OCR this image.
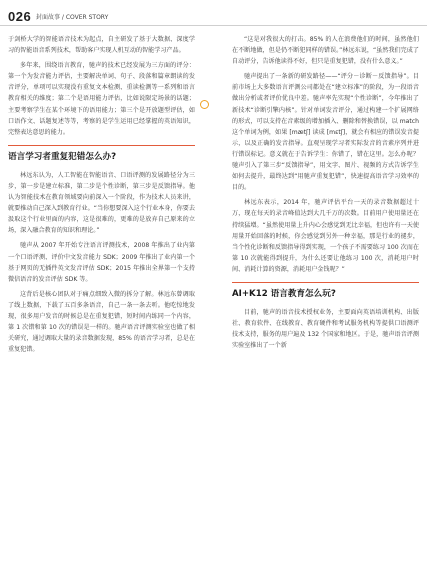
026 封面故事 / COVER STORY

于剑桥大学的智能语音技术为起点，自主研发了基于大数据、深度学习的智能语音系列技术，帮助客户实现人机互动的智能学习产品。

多年来，围绕语言教育，驰声的技术已经发展为三方面的评分：第一个为发音能力评估，主要解决单词、句子、段落和篇章朗读的发音评分，单项可以实现没有重复文本检测、重读检测等一系列和语言教育相关的维度；第二个是语用能力评估，比如说限定场景的话题；主要考察学生在某个环境下的语用能力；第三个是开放题型评估，如口语作文、话题复述等等，考察的是学生运用已经掌握的英语知识，完整表达意思的能力。

语言学习者重复犯错怎么办?

林远东认为，人工智能在智能语音、口语评测的发展路径分为三步，第一步是建立标准，第二步是个性诊断，第三步是反馈指导。他认为智能技术在教育领域要向前深入一个阶段，作为技术人员来讲，就要推动自己深入到教育行业。“当你想要深入这个行业本身，你要去汲取这个行业里面的内容，这是很难的，更难的是放弃自己原来的立场，深入融合教育的知识和理论。”

驰声从 2007 年开始专注语言评测技术，2008 年推出了业内第一个口语评测、评价中文发音能力 SDK；2009 年推出了业内第一个基于网页的无插件英文发音评估 SDK；2015 年推出全界第一个支持微信语音的发音评估 SDK 等。

这背后是核心团队对于痛点细致入微的拆分了解。林远东曾调取了线上数据，下载了五百多条语音，自己一条一条去听。他吃惊地发现，很多用户发音的时候总是在重复犯错，短时间内练同一个内容，第 1 次错和第 10 次的错误是一样的。驰声语音评测实验室也做了相关研究，通过调取大量的录音数据发现，85% 的语音学习者，总是在重复犯错。

“这是对我很大的打击。85% 的人在浪费他们的时间，虽然他们在不断地做，但是仍不断犯同样的错误。”林远东说，“虽然我们完成了自动评分，告诉他读得不好，但只是重复犯错，没有什么意义。”

驰声提出了一条新的研发路径——“评分－诊断－反馈指导”。目前市场上大多数语言评测公司都处在“建立标准”的阶段，为一段语音做出分析或者评价优良中差。驰声率先实现“个性诊断”，今年推出了新技术“诊断引擎内核”。针对单词发音评分，通过构建一个扩展网络的形式，可以支持在音素级的增加插入、删除和替换错误，以 match 这个单词为例，如果 [mætʃ] 读成 [mɛtʃ]，就会有相应的错误发音提示，以及正确的发音指导。直观呈现学习者实际发音的音素序列并进行错误标记。意义就在于告诉学生：你错了，错在这里。怎么办呢？驰声引入了第三步“反馈指导”，用文字、图片、视频的方式告诉学生如何去提升，最终达到“用驰声重复犯错”，快速提高语音学习效率的目的。

林远东表示，2014 年，驰声评估平台一天的录音数据超过十万，现在每天的录音峰值达到大几千万的次数。目前用户使用量还在持续猛增。“虽然使用量上升内心会感觉到无比幸福，但也许有一天使用量开始回落的时候，你会感觉到另外一种幸福，那是行业的褪步，当个性化诊断和反馈指导得到实现，一个孩子不需要练习 100 次而在第 10 次就能得到提升，为什么还要让他练习 100 次，消耗用户时间、消耗计算的资源，消耗用户金钱呢？”

AI+K12 语言教育怎么玩?

目前，驰声的语音技术授权业务，主要面向英语培训机构、出版社、教育软件、在线教育、教育硬件和考试服务机构等提供口语测评技术支持，服务的用户遍及 132 个国家和地区。于是，驰声语音评测实验室推出了一个新
